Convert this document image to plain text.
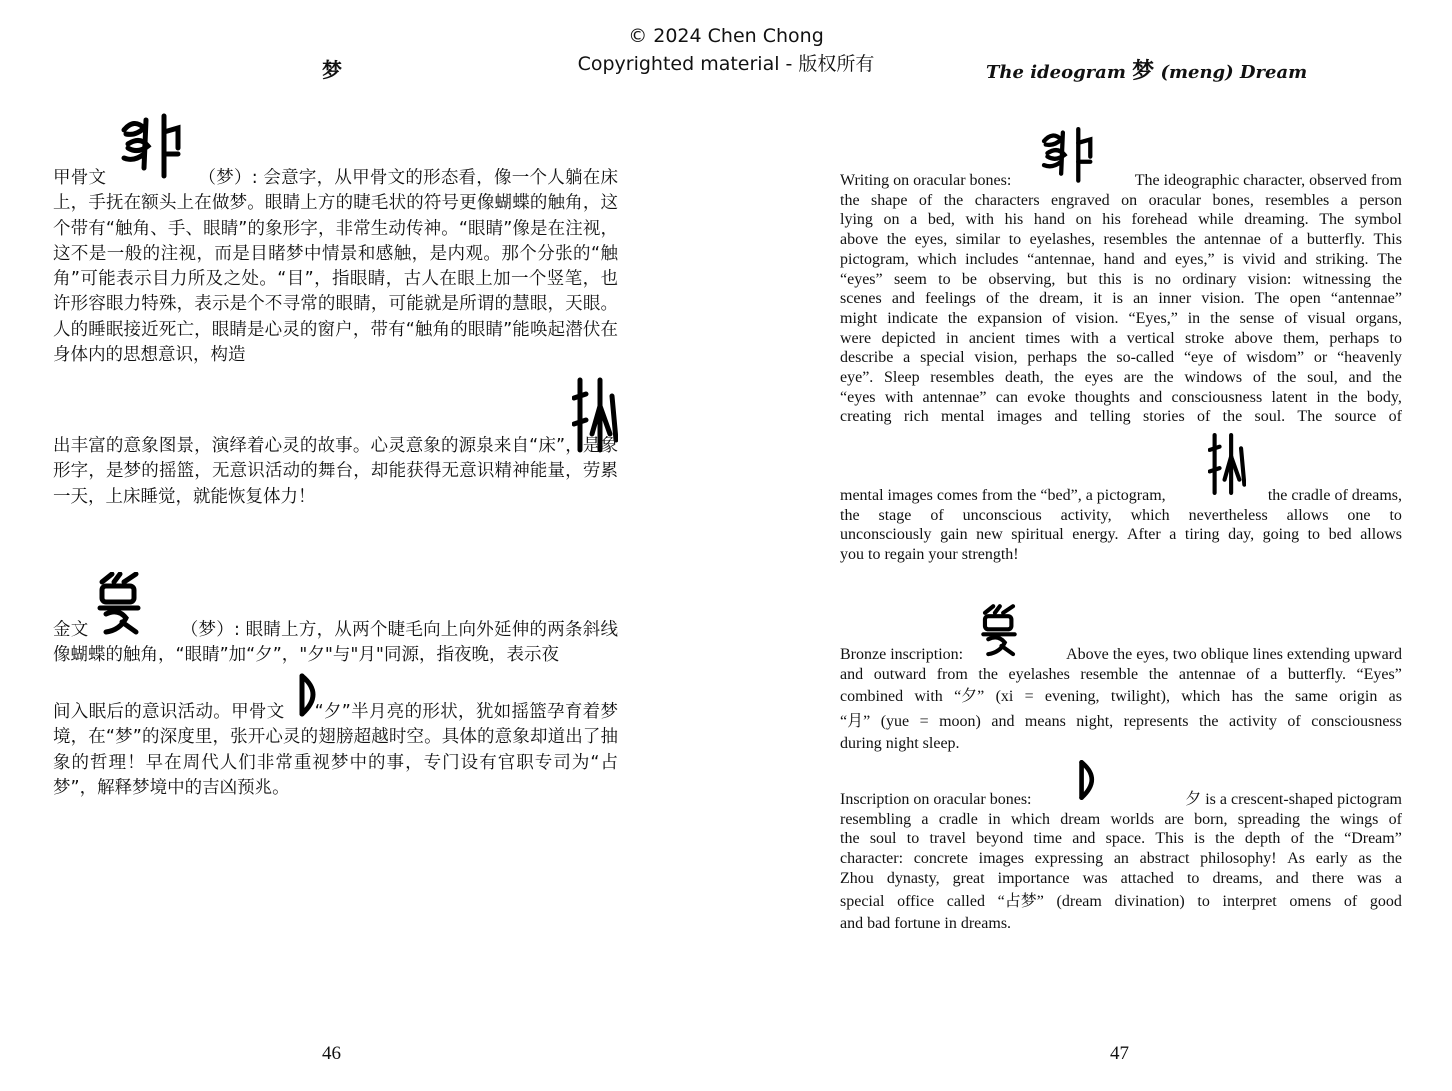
© 2024 Chen Chong
Copyrighted material - 版权所有
梦
甲骨文	（梦）: 会意字，从甲骨文的形态看，像一个人躺在床上，手抚在额头上在做梦。眼睛上方的睫毛状的符号更像蝴蝶的触角，这个带有“触角、手、眼睛”的象形字，非常生动传神。“眼睛”像是在注视，这不是一般的注视，而是目睹梦中情景和感触，是内观。那个分张的“触角”可能表示目力所及之处。“目”，指眼睛，古人在眼上加一个竖笔，也许形容眼力特殊，表示是个不寻常的眼睛，可能就是所谓的慧眼，天眼。人的睡眠接近死亡，眼睛是心灵的窗户，带有“触角的眼睛”能唤起潜伏在身体内的思想意识，构造
出丰富的意象图景，演绎着心灵的故事。心灵意象的源泉来自“床”，是象形字，是梦的摇篮，无意识活动的舞台，却能获得无意识精神能量，劳累一天，上床睡觉，就能恢复体力！
金文	（梦）: 眼睛上方，从两个睫毛向上向外延伸的两条斜线像蝴蝶的触角，“眼睛”加“夕”，"夕"与"月"同源，指夜晚，表示夜
间入眠后的意识活动。甲骨文 “夕”半月亮的形状，犹如摇篮孕育着梦境，在“梦”的深度里，张开心灵的翅膀超越时空。具体的意象却道出了抽象的哲理！早在周代人们非常重视梦中的事，专门设有官职专司为“占梦”，解释梦境中的吉凶预兆。
46
The ideogram 梦 (meng) Dream
Writing on oracular bones:	The ideographic character, observed from
the shape of the characters engraved on oracular bones, resembles a person
lying on a bed, with his hand on his forehead while dreaming. The symbol
above the eyes, similar to eyelashes, resembles the antennae of a butterfly. This
pictogram, which includes “antennae, hand and eyes,” is vivid and striking. The
“eyes” seem to be observing, but this is no ordinary vision: witnessing the
scenes and feelings of the dream, it is an inner vision. The open “antennae”
might indicate the expansion of vision. “Eyes,” in the sense of visual organs,
were depicted in ancient times with a vertical stroke above them, perhaps to
describe a special vision, perhaps the so-called “eye of wisdom” or “heavenly
eye”. Sleep resembles death, the eyes are the windows of the soul, and the
“eyes with antennae” can evoke thoughts and consciousness latent in the body,
creating rich mental images and telling stories of the soul. The source of
mental images comes from the “bed”, a pictogram,	the cradle of dreams,
the stage of unconscious activity, which nevertheless allows one to
unconsciously gain new spiritual energy. After a tiring day, going to bed allows
you to regain your strength!
Bronze inscription:	Above the eyes, two oblique lines extending upward
and outward from the eyelashes resemble the antennae of a butterfly. “Eyes”
combined with “夕” (xi = evening, twilight), which has the same origin as
“月” (yue = moon) and means night, represents the activity of consciousness
during night sleep.
Inscription on oracular bones:	夕 is a crescent-shaped pictogram
resembling a cradle in which dream worlds are born, spreading the wings of
the soul to travel beyond time and space. This is the depth of the “Dream”
character: concrete images expressing an abstract philosophy! As early as the
Zhou dynasty, great importance was attached to dreams, and there was a
special office called “占梦” (dream divination) to interpret omens of good
and bad fortune in dreams.
47
